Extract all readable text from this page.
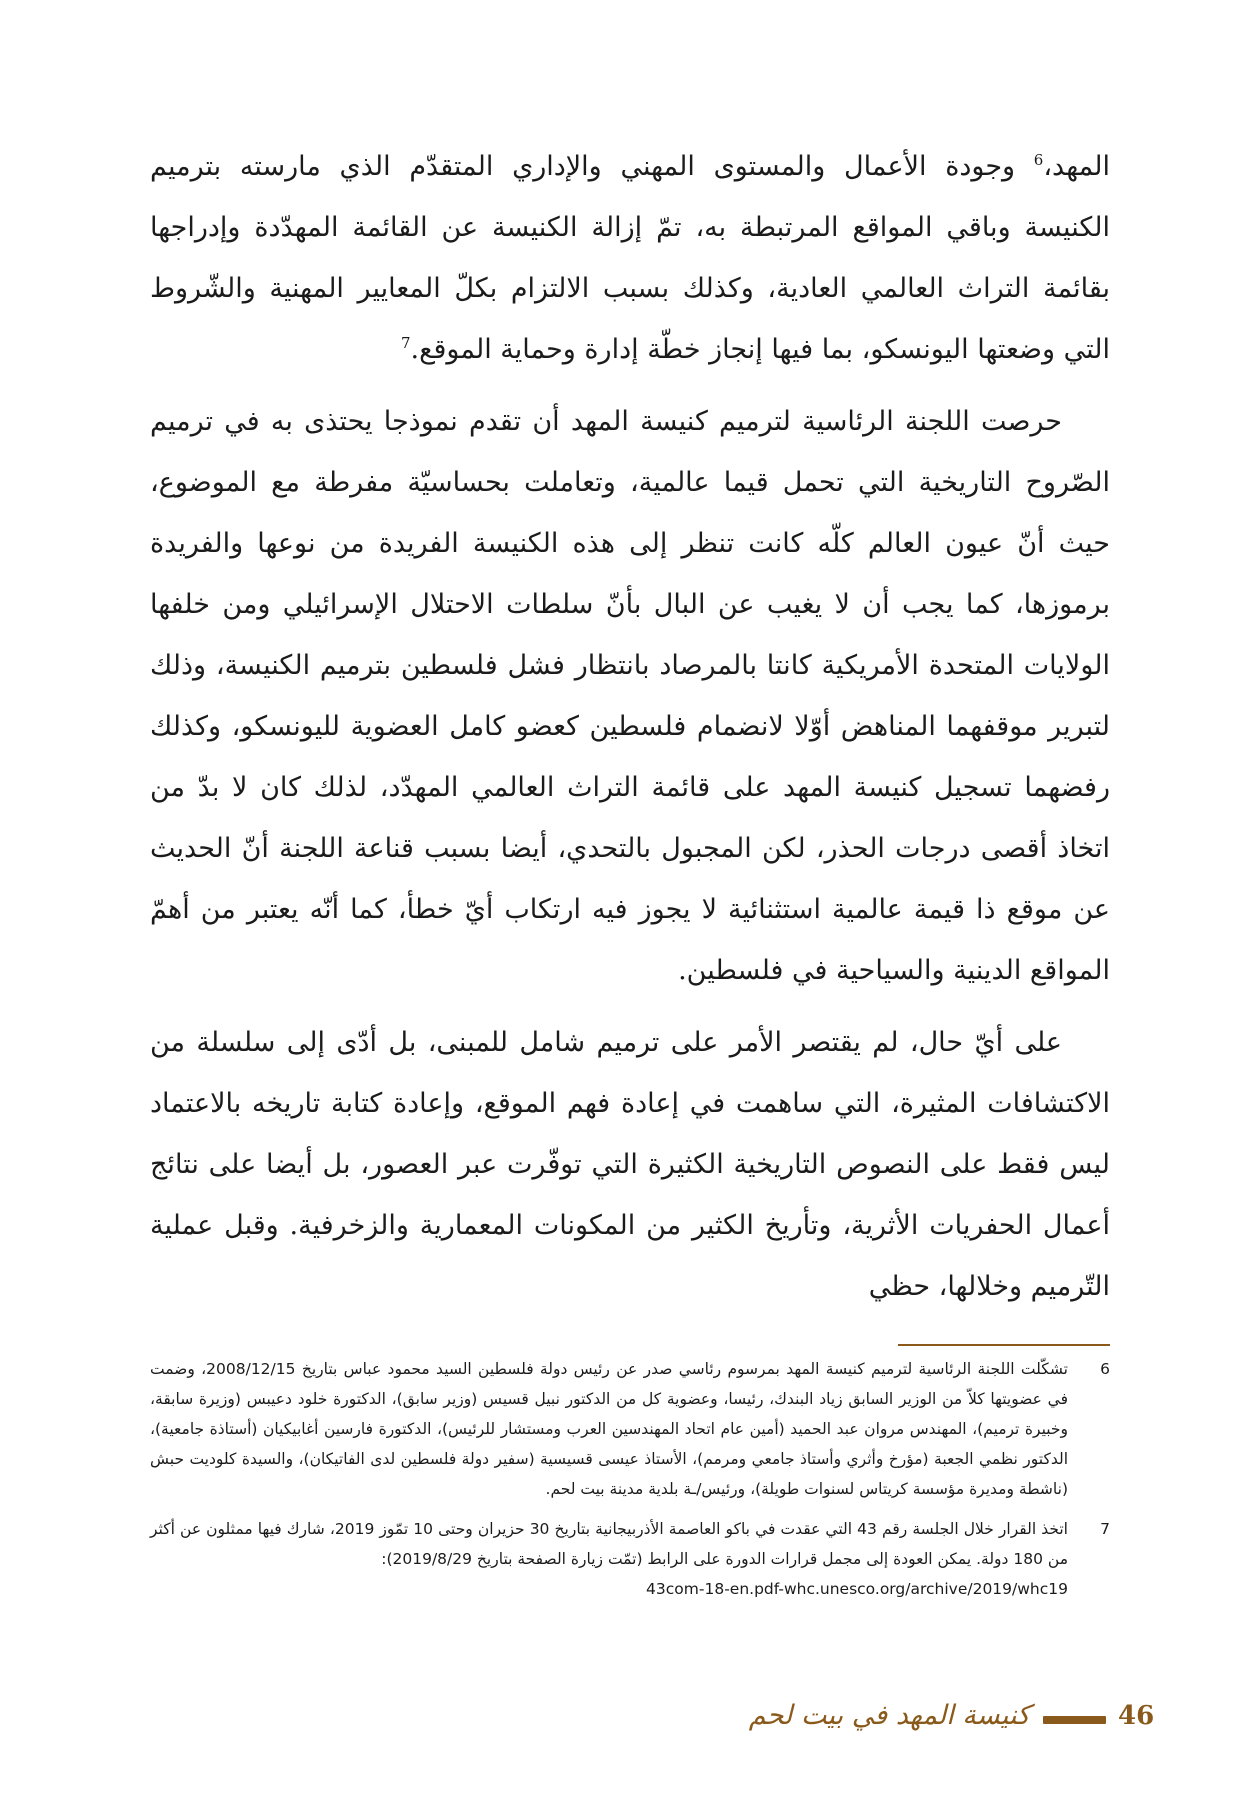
المهد،$^6$ وجودة الأعمال والمستوى المهني والإداري المتقدّم الذي مارسته بترميم الكنيسة وباقي المواقع المرتبطة به، تمّ إزالة الكنيسة عن القائمة المهدّدة وإدراجها بقائمة التراث العالمي العادية، وكذلك بسبب الالتزام بكلّ المعايير المهنية والشّروط التي وضعتها اليونسكو، بما فيها إنجاز خطّة إدارة وحماية الموقع.$^7$

حرصت اللجنة الرئاسية لترميم كنيسة المهد أن تقدم نموذجا يحتذى به في ترميم الصّروح التاريخية التي تحمل قيما عالمية، وتعاملت بحساسيّة مفرطة مع الموضوع، حيث أنّ عيون العالم كلّه كانت تنظر إلى هذه الكنيسة الفريدة من نوعها والفريدة برموزها، كما يجب أن لا يغيب عن البال بأنّ سلطات الاحتلال الإسرائيلي ومن خلفها الولايات المتحدة الأمريكية كانتا بالمرصاد بانتظار فشل فلسطين بترميم الكنيسة، وذلك لتبرير موقفهما المناهض أوّلا لانضمام فلسطين كعضو كامل العضوية لليونسكو، وكذلك رفضهما تسجيل كنيسة المهد على قائمة التراث العالمي المهدّد، لذلك كان لا بدّ من اتخاذ أقصى درجات الحذر، لكن المجبول بالتحدي، أيضا بسبب قناعة اللجنة أنّ الحديث عن موقع ذا قيمة عالمية استثنائية لا يجوز فيه ارتكاب أيّ خطأ، كما أنّه يعتبر من أهمّ المواقع الدينية والسياحية في فلسطين.

على أيّ حال، لم يقتصر الأمر على ترميم شامل للمبنى، بل أدّى إلى سلسلة من الاكتشافات المثيرة، التي ساهمت في إعادة فهم الموقع، وإعادة كتابة تاريخه بالاعتماد ليس فقط على النصوص التاريخية الكثيرة التي توفّرت عبر العصور، بل أيضا على نتائج أعمال الحفريات الأثرية، وتأريخ الكثير من المكونات المعمارية والزخرفية. وقبل عملية التّرميم وخلالها، حظي

6
تشكّلت اللجنة الرئاسية لترميم كنيسة المهد بمرسوم رئاسي صدر عن رئيس دولة فلسطين السيد محمود عباس بتاريخ 2008/12/15، وضمت في عضويتها كلاّ من الوزير السابق زياد البندك، رئيسا، وعضوية كل من الدكتور نبيل قسيس (وزير سابق)، الدكتورة خلود دعيبس (وزيرة سابقة، وخبيرة ترميم)، المهندس مروان عبد الحميد (أمين عام اتحاد المهندسين العرب ومستشار للرئيس)، الدكتورة فارسين أغابيكيان (أستاذة جامعية)، الدكتور نظمي الجعبة (مؤرخ وأثري وأستاذ جامعي ومرمم)، الأستاذ عيسى قسيسية (سفير دولة فلسطين لدى الفاتيكان)، والسيدة كلوديت حبش (ناشطة ومديرة مؤسسة كريتاس لسنوات طويلة)، ورئيس/ـة بلدية مدينة بيت لحم.
7
اتخذ القرار خلال الجلسة رقم 43 التي عقدت في باكو العاصمة الأذربيجانية بتاريخ 30 حزيران وحتى 10 تمّوز 2019، شارك فيها ممثلون عن أكثر من 180 دولة. يمكن العودة إلى مجمل قرارات الدورة على الرابط (تمّت زيارة الصفحة بتاريخ 2019/8/29):
43com-18-en.pdf-whc.unesco.org/archive/2019/whc19
46
كنيسة المهد في بيت لحم
